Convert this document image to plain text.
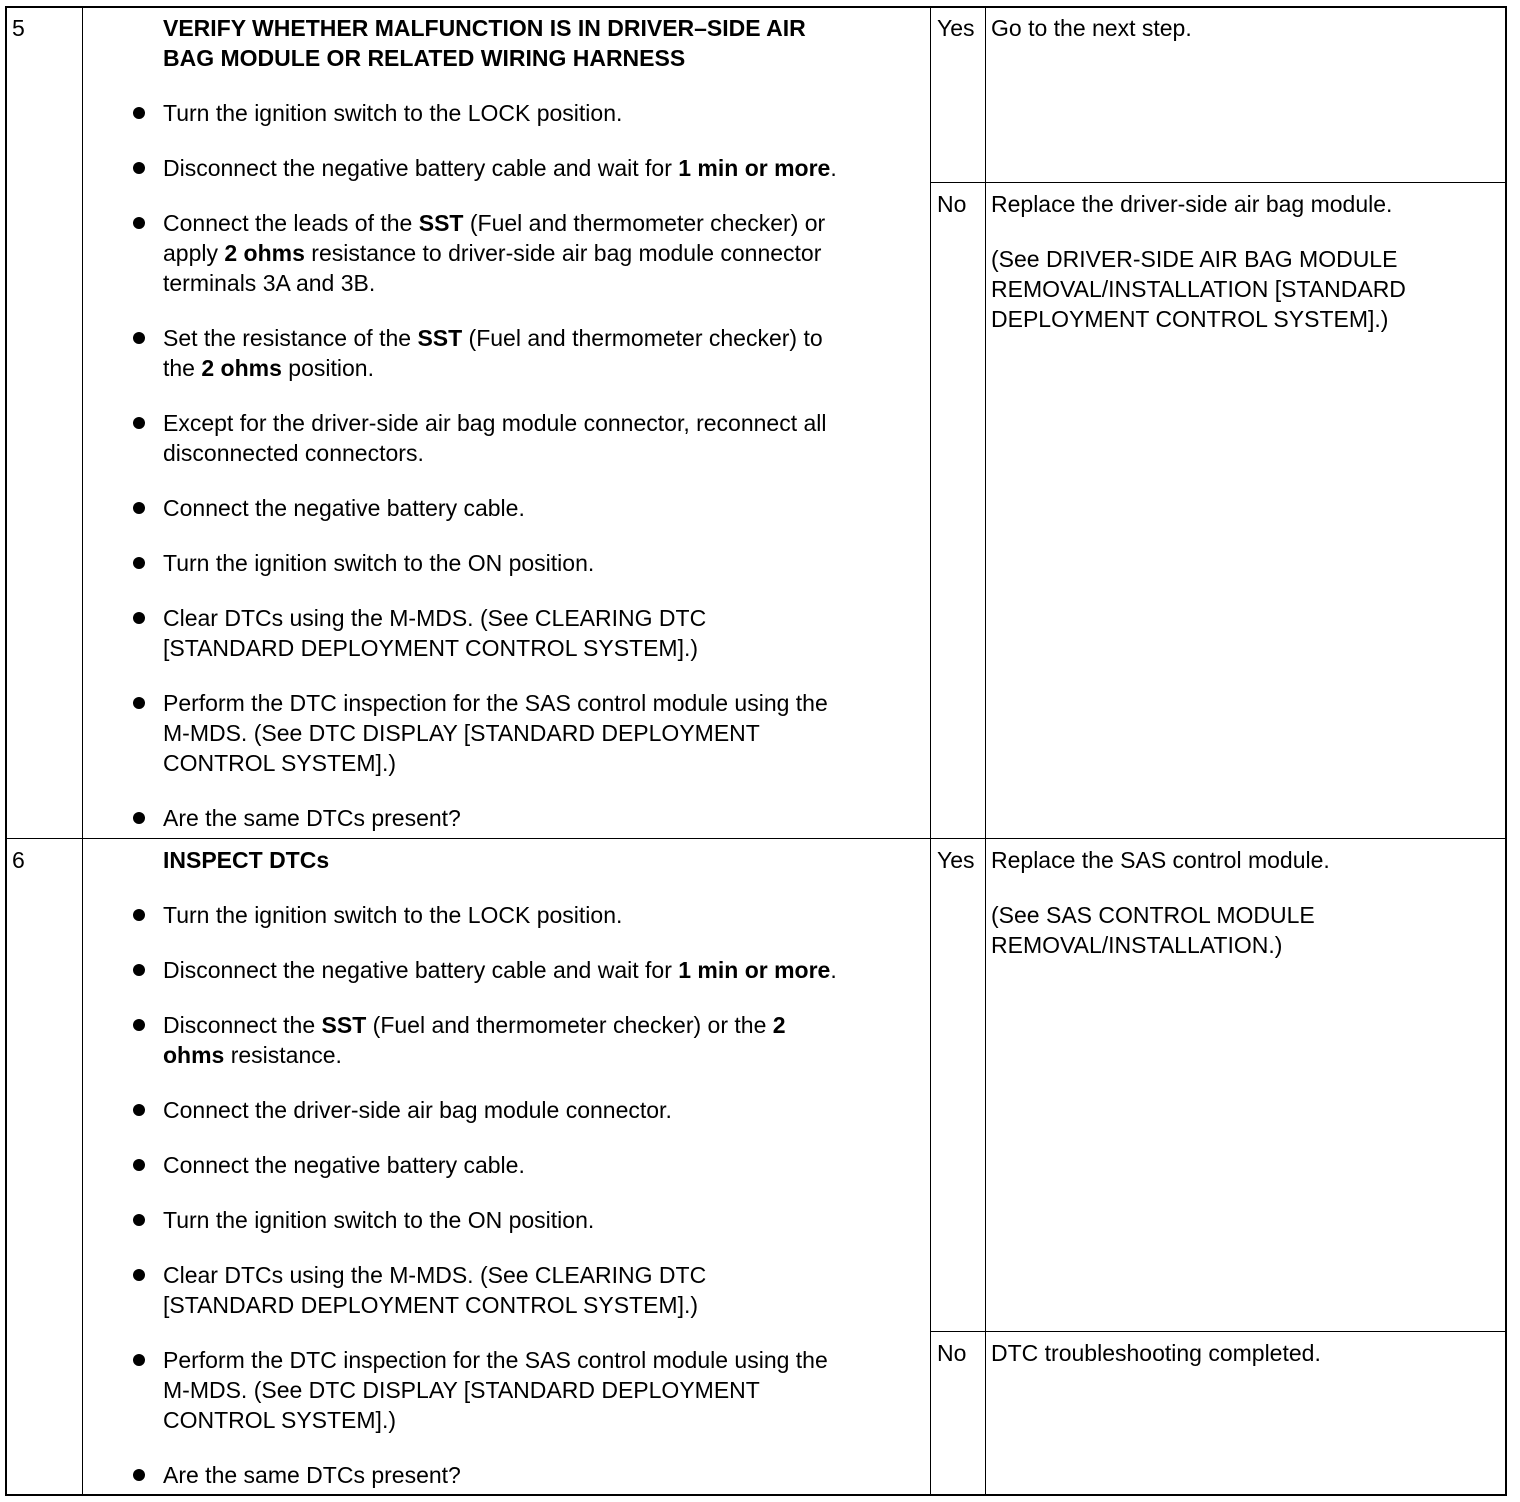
5	VERIFY WHETHER MALFUNCTION IS IN DRIVER–SIDE AIR
BAG MODULE OR RELATED WIRING HARNESS
Turn the ignition switch to the LOCK position.
Disconnect the negative battery cable and wait for 1 min or more.
Connect the leads of the SST (Fuel and thermometer checker) or
apply 2 ohms resistance to driver-side air bag module connector
terminals 3A and 3B.
Set the resistance of the SST (Fuel and thermometer checker) to
the 2 ohms position.
Except for the driver-side air bag module connector, reconnect all
disconnected connectors.
Connect the negative battery cable.
Turn the ignition switch to the ON position.
Clear DTCs using the M-MDS. (See CLEARING DTC
[STANDARD DEPLOYMENT CONTROL SYSTEM].)
Perform the DTC inspection for the SAS control module using the
M-MDS. (See DTC DISPLAY [STANDARD DEPLOYMENT
CONTROL SYSTEM].)
Are the same DTCs present?
Yes Go to the next step.
No Replace the driver-side air bag module.
(See DRIVER-SIDE AIR BAG MODULE
REMOVAL/INSTALLATION [STANDARD
DEPLOYMENT CONTROL SYSTEM].)
6	INSPECT DTCs
Turn the ignition switch to the LOCK position.
Disconnect the negative battery cable and wait for 1 min or more.
Disconnect the SST (Fuel and thermometer checker) or the 2
ohms resistance.
Connect the driver-side air bag module connector.
Connect the negative battery cable.
Turn the ignition switch to the ON position.
Clear DTCs using the M-MDS. (See CLEARING DTC
[STANDARD DEPLOYMENT CONTROL SYSTEM].)
Perform the DTC inspection for the SAS control module using the
M-MDS. (See DTC DISPLAY [STANDARD DEPLOYMENT
CONTROL SYSTEM].)
Are the same DTCs present?
Yes Replace the SAS control module.
(See SAS CONTROL MODULE
REMOVAL/INSTALLATION.)
No DTC troubleshooting completed.
